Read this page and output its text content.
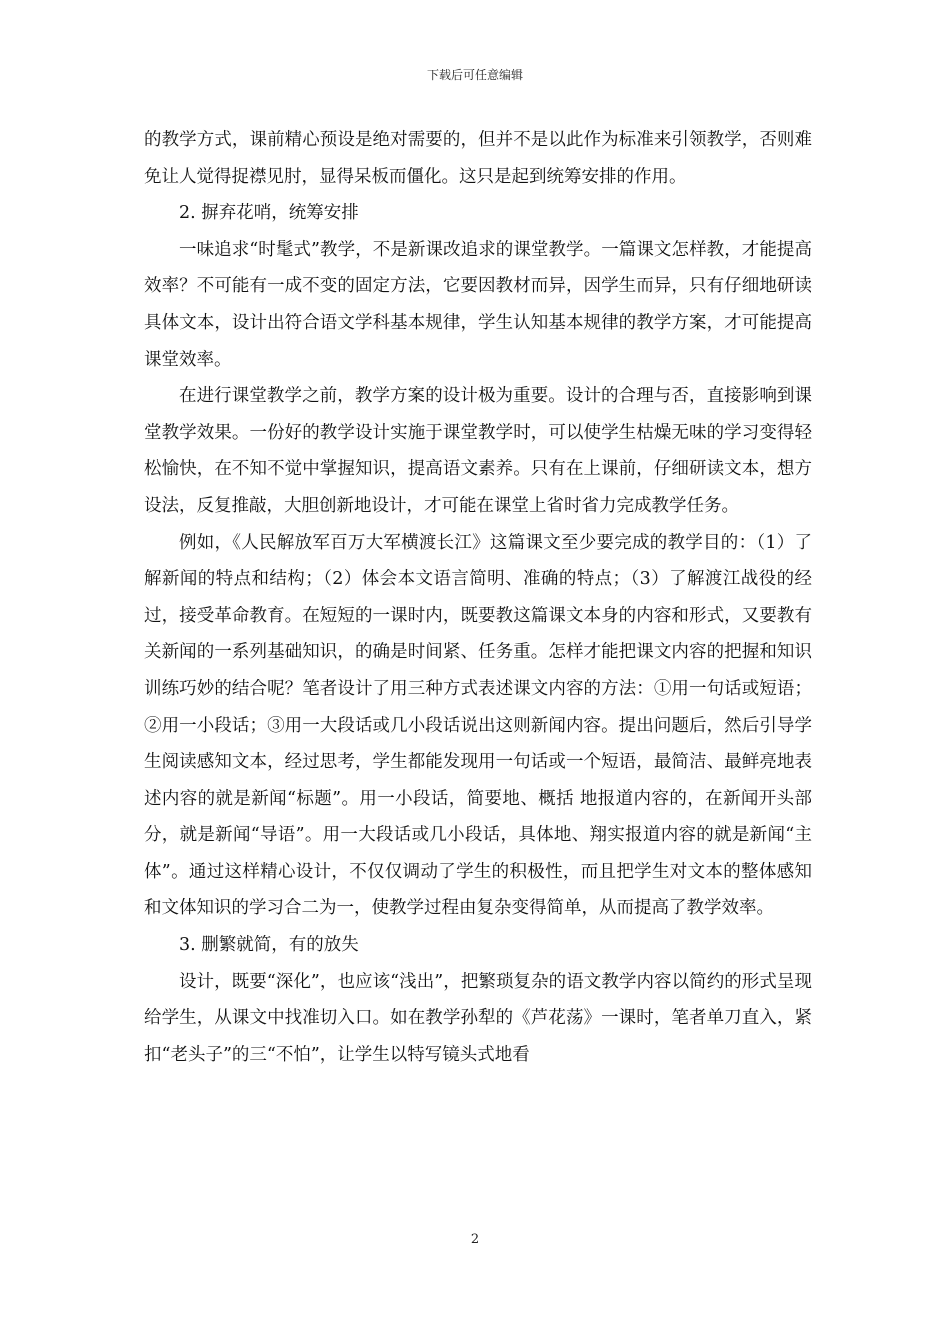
下载后可任意编辑

的教学方式，课前精心预设是绝对需要的，但并不是以此作为标准来引领教学，否则难免让人觉得捉襟见肘，显得呆板而僵化。这只是起到统筹安排的作用。

2. 摒弃花哨，统筹安排

一味追求“时髦式”教学，不是新课改追求的课堂教学。一篇课文怎样教，才能提高效率？不可能有一成不变的固定方法，它要因教材而异，因学生而异，只有仔细地研读具体文本，设计出符合语文学科基本规律，学生认知基本规律的教学方案，才可能提高课堂效率。

在进行课堂教学之前，教学方案的设计极为重要。设计的合理与否，直接影响到课堂教学效果。一份好的教学设计实施于课堂教学时，可以使学生枯燥无味的学习变得轻松愉快，在不知不觉中掌握知识，提高语文素养。只有在上课前，仔细研读文本，想方设法，反复推敲，大胆创新地设计，才可能在课堂上省时省力完成教学任务。

例如，《人民解放军百万大军横渡长江》这篇课文至少要完成的教学目的：（1）了解新闻的特点和结构；（2）体会本文语言简明、准确的特点；（3）了解渡江战役的经过，接受革命教育。在短短的一课时内，既要教这篇课文本身的内容和形式，又要教有关新闻的一系列基础知识，的确是时间紧、任务重。怎样才能把课文内容的把握和知识训练巧妙的结合呢？笔者设计了用三种方式表述课文内容的方法：①用一句话或短语；②用一小段话；③用一大段话或几小段话说出这则新闻内容。提出问题后，然后引导学生阅读感知文本，经过思考，学生都能发现用一句话或一个短语，最简洁、最鲜亮地表述内容的就是新闻“标题”。用一小段话，简要地、概括 地报道内容的，在新闻开头部分，就是新闻“导语”。用一大段话或几小段话，具体地、翔实报道内容的就是新闻“主体”。通过这样精心设计，不仅仅调动了学生的积极性，而且把学生对文本的整体感知和文体知识的学习合二为一，使教学过程由复杂变得简单，从而提高了教学效率。

3. 删繁就简，有的放失

设计，既要“深化”，也应该“浅出”，把繁琐复杂的语文教学内容以简约的形式呈现给学生，从课文中找准切入口。如在教学孙犁的《芦花荡》一课时，笔者单刀直入，紧扣“老头子”的三“不怕”，让学生以特写镜头式地看

2
